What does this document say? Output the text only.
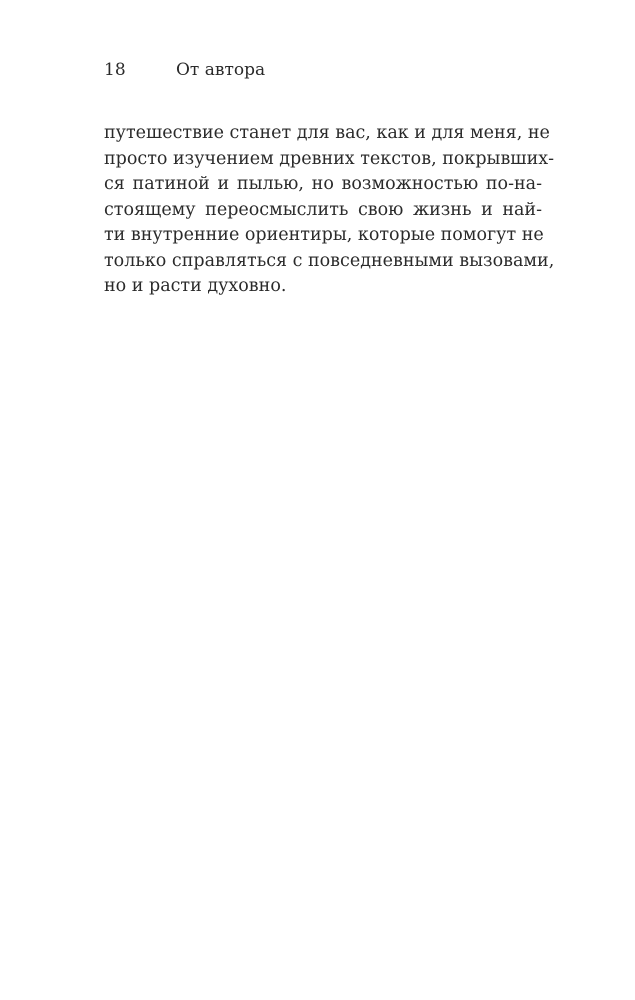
18	От автора
путешествие станет для вас, как и для меня, не
просто изучением древних текстов, покрывших-
ся патиной и пылью, но возможностью по-на-
стоящему переосмыслить свою жизнь и най-
ти внутренние ориентиры, которые помогут не
только справляться с повседневными вызовами,
но и расти духовно.
